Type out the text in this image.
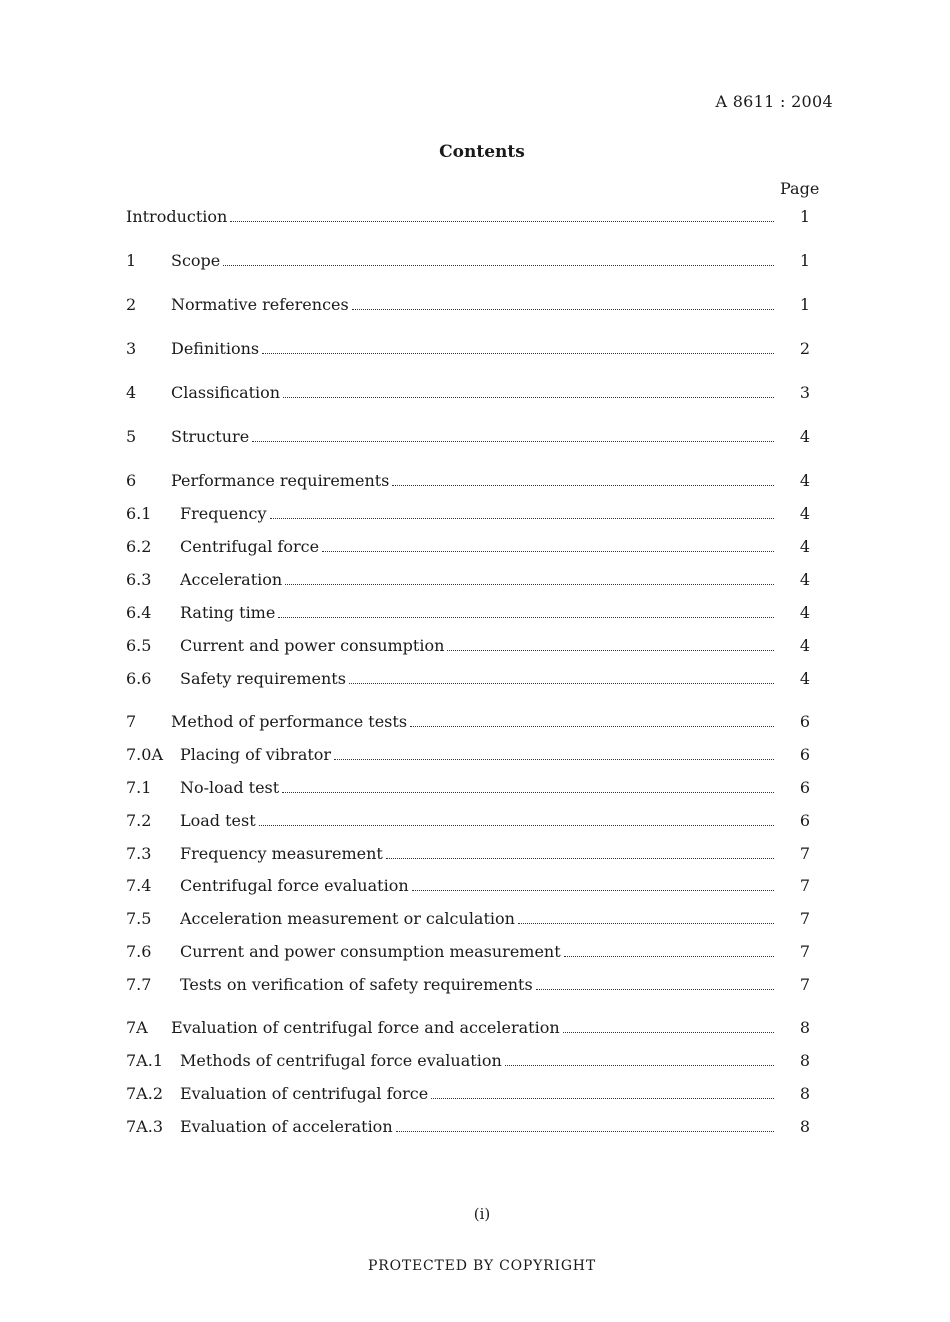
A 8611 : 2004
Contents
Page
Introduction	1
1 Scope	1
2 Normative references	1
3 Definitions	2
4 Classification	3
5 Structure	4
6 Performance requirements	4
6.1 Frequency	4
6.2 Centrifugal force	4
6.3 Acceleration	4
6.4 Rating time	4
6.5 Current and power consumption	4
6.6 Safety requirements	4
7 Method of performance tests	6
7.0A Placing of vibrator	6
7.1 No-load test	6
7.2 Load test	6
7.3 Frequency measurement	7
7.4 Centrifugal force evaluation	7
7.5 Acceleration measurement or calculation	7
7.6 Current and power consumption measurement	7
7.7 Tests on verification of safety requirements	7
7A Evaluation of centrifugal force and acceleration	8
7A.1 Methods of centrifugal force evaluation	8
7A.2 Evaluation of centrifugal force	8
7A.3 Evaluation of acceleration	8
(i)
PROTECTED BY COPYRIGHT
